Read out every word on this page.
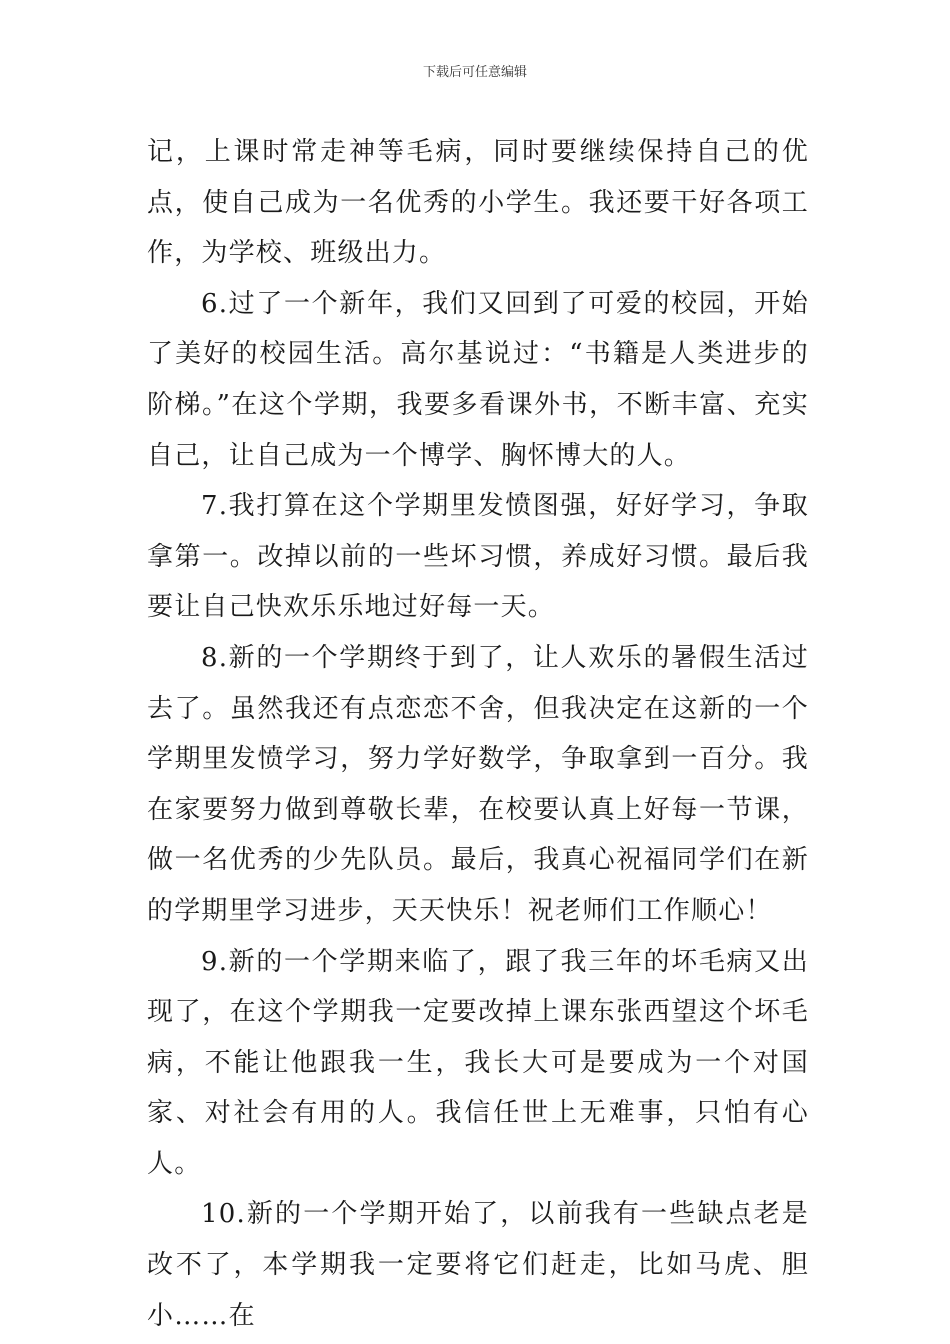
下载后可任意编辑

记，上课时常走神等毛病，同时要继续保持自己的优点，使自己成为一名优秀的小学生。我还要干好各项工作，为学校、班级出力。

6.过了一个新年，我们又回到了可爱的校园，开始了美好的校园生活。高尔基说过：“书籍是人类进步的阶梯。”在这个学期，我要多看课外书，不断丰富、充实自己，让自己成为一个博学、胸怀博大的人。

7.我打算在这个学期里发愤图强，好好学习，争取拿第一。改掉以前的一些坏习惯，养成好习惯。最后我要让自己快欢乐乐地过好每一天。

8.新的一个学期终于到了，让人欢乐的暑假生活过去了。虽然我还有点恋恋不舍，但我决定在这新的一个学期里发愤学习，努力学好数学，争取拿到一百分。我在家要努力做到尊敬长辈，在校要认真上好每一节课，做一名优秀的少先队员。最后，我真心祝福同学们在新的学期里学习进步，天天快乐！祝老师们工作顺心！

9.新的一个学期来临了，跟了我三年的坏毛病又出现了，在这个学期我一定要改掉上课东张西望这个坏毛病，不能让他跟我一生，我长大可是要成为一个对国家、对社会有用的人。我信任世上无难事，只怕有心人。

10.新的一个学期开始了，以前我有一些缺点老是改不了，本学期我一定要将它们赶走，比如马虎、胆小……在
